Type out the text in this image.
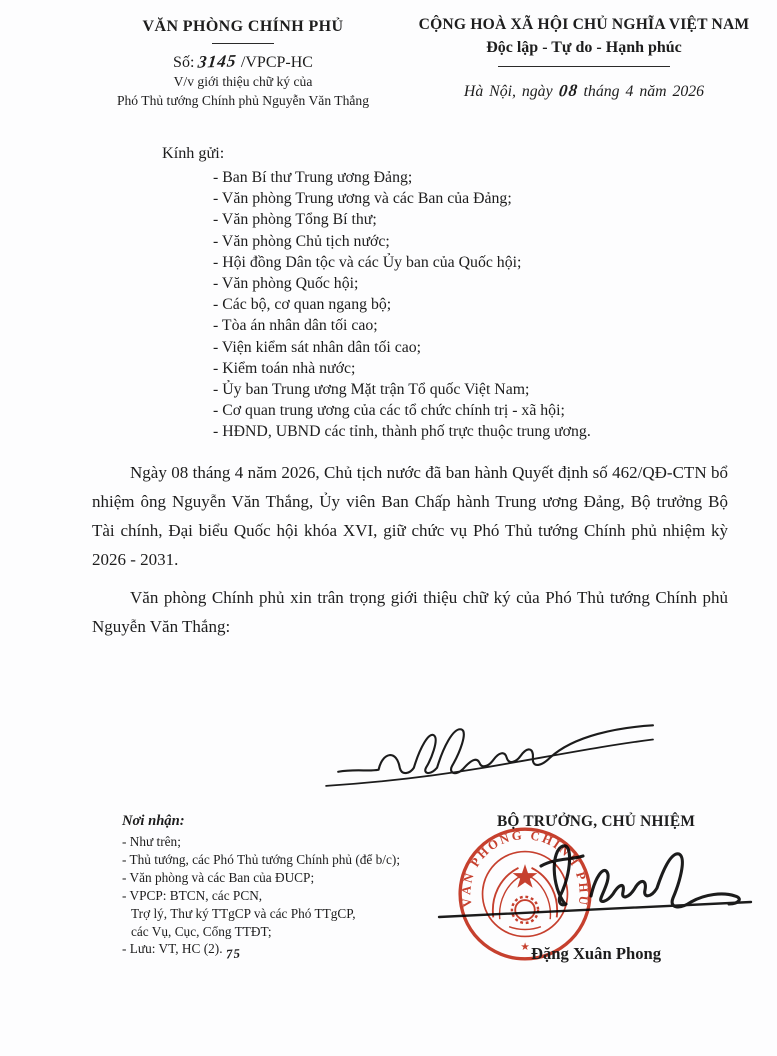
VĂN PHÒNG CHÍNH PHỦ
Số: 3145 /VPCP-HC
V/v giới thiệu chữ ký của
Phó Thủ tướng Chính phủ Nguyễn Văn Thắng
CỘNG HOÀ XÃ HỘI CHỦ NGHĨA VIỆT NAM
Độc lập - Tự do - Hạnh phúc
Hà Nội, ngày 08 tháng 4 năm 2026
Kính gửi:
- Ban Bí thư Trung ương Đảng;
- Văn phòng Trung ương và các Ban của Đảng;
- Văn phòng Tổng Bí thư;
- Văn phòng Chủ tịch nước;
- Hội đồng Dân tộc và các Ủy ban của Quốc hội;
- Văn phòng Quốc hội;
- Các bộ, cơ quan ngang bộ;
- Tòa án nhân dân tối cao;
- Viện kiểm sát nhân dân tối cao;
- Kiểm toán nhà nước;
- Ủy ban Trung ương Mặt trận Tổ quốc Việt Nam;
- Cơ quan trung ương của các tổ chức chính trị - xã hội;
- HĐND, UBND các tỉnh, thành phố trực thuộc trung ương.
Ngày 08 tháng 4 năm 2026, Chủ tịch nước đã ban hành Quyết định số 462/QĐ-CTN bổ nhiệm ông Nguyễn Văn Thắng, Ủy viên Ban Chấp hành Trung ương Đảng, Bộ trưởng Bộ Tài chính, Đại biểu Quốc hội khóa XVI, giữ chức vụ Phó Thủ tướng Chính phủ nhiệm kỳ 2026 - 2031.
Văn phòng Chính phủ xin trân trọng giới thiệu chữ ký của Phó Thủ tướng Chính phủ Nguyễn Văn Thắng:
Nơi nhận:
- Như trên;
- Thủ tướng, các Phó Thủ tướng Chính phủ (để b/c);
- Văn phòng và các Ban của ĐUCP;
- VPCP: BTCN, các PCN,
Trợ lý, Thư ký TTgCP và các Phó TTgCP,
các Vụ, Cục, Cổng TTĐT;
- Lưu: VT, HC (2). 75
BỘ TRƯỞNG, CHỦ NHIỆM
VĂN PHÒNG CHÍNH PHỦ
★ Đặng Xuân Phong
